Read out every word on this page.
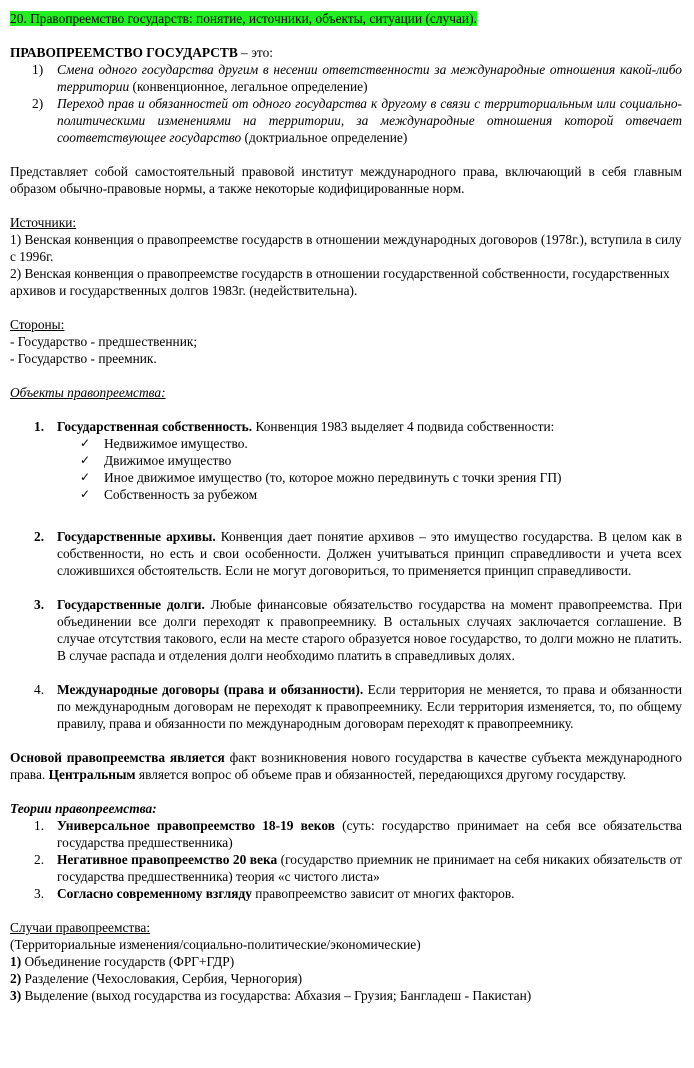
20. Правопреемство государств: понятие, источники, объекты, ситуации (случаи).
ПРАВОПРЕЕМСТВО ГОСУДАРСТВ – это:
1)	Смена одного государства другим в несении ответственности за международные отношения какой-либо территории (конвенционное, легальное определение)
2)	Переход прав и обязанностей от одного государства к другому в связи с территориальным или социально-политическими изменениями на территории, за международные отношения которой отвечает соответствующее государство (доктриальное определение)
Представляет собой самостоятельный правовой институт международного права, включающий в себя главным образом обычно-правовые нормы, а также некоторые кодифицированные норм.
Источники:
1) Венская конвенция о правопреемстве государств в отношении международных договоров (1978г.), вступила в силу с 1996г.
2) Венская конвенция о правопреемстве государств в отношении государственной собственности, государственных архивов и государственных долгов 1983г. (недействительна).
Стороны:
- Государство - предшественник;
- Государство - преемник.
Объекты правопреемства:
1. Государственная собственность. Конвенция 1983 выделяет 4 подвида собственности:
✓	Недвижимое имущество.
✓	Движимое имущество
✓	Иное движимое имущество (то, которое можно передвинуть с точки зрения ГП)
✓	Собственность за рубежом
2. Государственные архивы. Конвенция дает понятие архивов – это имущество государства. В целом как в собственности, но есть и свои особенности. Должен учитываться принцип справедливости и учета всех сложившихся обстоятельств. Если не могут договориться, то применяется принцип справедливости.
3. Государственные долги. Любые финансовые обязательство государства на момент правопреемства. При объединении все долги переходят к правопреемнику. В остальных случаях заключается соглашение. В случае отсутствия такового, если на месте старого образуется новое государство, то долги можно не платить. В случае распада и отделения долги необходимо платить в справедливых долях.
4. Международные договоры (права и обязанности). Если территория не меняется, то права и обязанности по международным договорам не переходят к правопреемнику. Если территория изменяется, то, по общему правилу, права и обязанности по международным договорам переходят к правопреемнику.
Основой правопреемства является факт возникновения нового государства в качестве субъекта международного права. Центральным является вопрос об объеме прав и обязанностей, передающихся другому государству.
Теории правопреемства:
1. Универсальное правопреемство 18-19 веков (суть: государство принимает на себя все обязательства государства предшественника)
2. Негативное правопреемство 20 века (государство приемник не принимает на себя никаких обязательств от государства предшественника) теория «с чистого листа»
3. Согласно современному взгляду правопреемство зависит от многих факторов.
Случаи правопреемства:
(Территориальные изменения/социально-политические/экономические)
1) Объединение государств (ФРГ+ГДР)
2) Разделение (Чехословакия, Сербия, Черногория)
3) Выделение (выход государства из государства: Абхазия – Грузия; Бангладеш - Пакистан)
